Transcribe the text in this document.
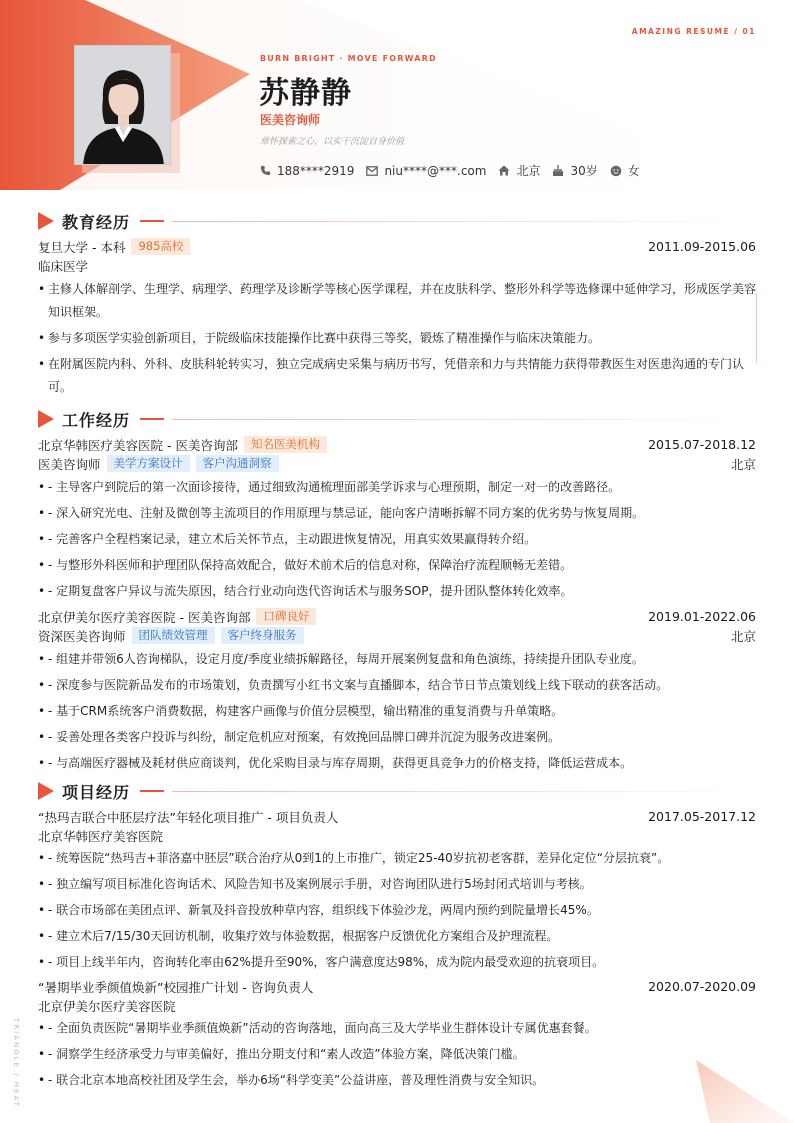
AMAZING RESUME / 01
BURN BRIGHT · MOVE FORWARD
苏静静
医美咨询师
常怀探索之心，以实干沉淀自身价值
188****2919	niu****@***.com	北京	30岁	女
教育经历
复旦大学 - 本科	985高校	2011.09-2015.06
临床医学
• 主修人体解剖学、生理学、病理学、药理学及诊断学等核心医学课程，并在皮肤科学、整形外科学等选修课中延伸学习，形成医学美容知识框架。
• 参与多项医学实验创新项目，于院级临床技能操作比赛中获得三等奖，锻炼了精准操作与临床决策能力。
• 在附属医院内科、外科、皮肤科轮转实习，独立完成病史采集与病历书写，凭借亲和力与共情能力获得带教医生对医患沟通的专门认可。
工作经历
北京华韩医疗美容医院 - 医美咨询部	知名医美机构	2015.07-2018.12
医美咨询师	美学方案设计	客户沟通洞察	北京
• - 主导客户到院后的第一次面诊接待，通过细致沟通梳理面部美学诉求与心理预期，制定一对一的改善路径。
• - 深入研究光电、注射及微创等主流项目的作用原理与禁忌证，能向客户清晰拆解不同方案的优劣势与恢复周期。
• - 完善客户全程档案记录，建立术后关怀节点，主动跟进恢复情况，用真实效果赢得转介绍。
• - 与整形外科医师和护理团队保持高效配合，做好术前术后的信息对称，保障治疗流程顺畅无差错。
• - 定期复盘客户异议与流失原因，结合行业动向迭代咨询话术与服务SOP，提升团队整体转化效率。
北京伊美尔医疗美容医院 - 医美咨询部	口碑良好	2019.01-2022.06
资深医美咨询师	团队绩效管理	客户终身服务	北京
• - 组建并带领6人咨询梯队，设定月度/季度业绩拆解路径，每周开展案例复盘和角色演练，持续提升团队专业度。
• - 深度参与医院新品发布的市场策划，负责撰写小红书文案与直播脚本，结合节日节点策划线上线下联动的获客活动。
• - 基于CRM系统客户消费数据，构建客户画像与价值分层模型，输出精准的重复消费与升单策略。
• - 妥善处理各类客户投诉与纠纷，制定危机应对预案，有效挽回品牌口碑并沉淀为服务改进案例。
• - 与高端医疗器械及耗材供应商谈判，优化采购目录与库存周期，获得更具竞争力的价格支持，降低运营成本。
项目经历
“热玛吉联合中胚层疗法”年轻化项目推广 - 项目负责人	2017.05-2017.12
北京华韩医疗美容医院
• - 统筹医院“热玛吉+菲洛嘉中胚层”联合治疗从0到1的上市推广，锁定25-40岁抗初老客群，差异化定位“分层抗衰”。
• - 独立编写项目标准化咨询话术、风险告知书及案例展示手册，对咨询团队进行5场封闭式培训与考核。
• - 联合市场部在美团点评、新氧及抖音投放种草内容，组织线下体验沙龙，两周内预约到院量增长45%。
• - 建立术后7/15/30天回访机制，收集疗效与体验数据，根据客户反馈优化方案组合及护理流程。
• - 项目上线半年内，咨询转化率由62%提升至90%，客户满意度达98%，成为院内最受欢迎的抗衰项目。
“暑期毕业季颜值焕新”校园推广计划 - 咨询负责人	2020.07-2020.09
北京伊美尔医疗美容医院
• - 全面负责医院“暑期毕业季颜值焕新”活动的咨询落地，面向高三及大学毕业生群体设计专属优惠套餐。
• - 洞察学生经济承受力与审美偏好，推出分期支付和“素人改造”体验方案，降低决策门槛。
• - 联合北京本地高校社团及学生会，举办6场“科学变美”公益讲座，普及理性消费与安全知识。
TRIANGLE / HEAT
